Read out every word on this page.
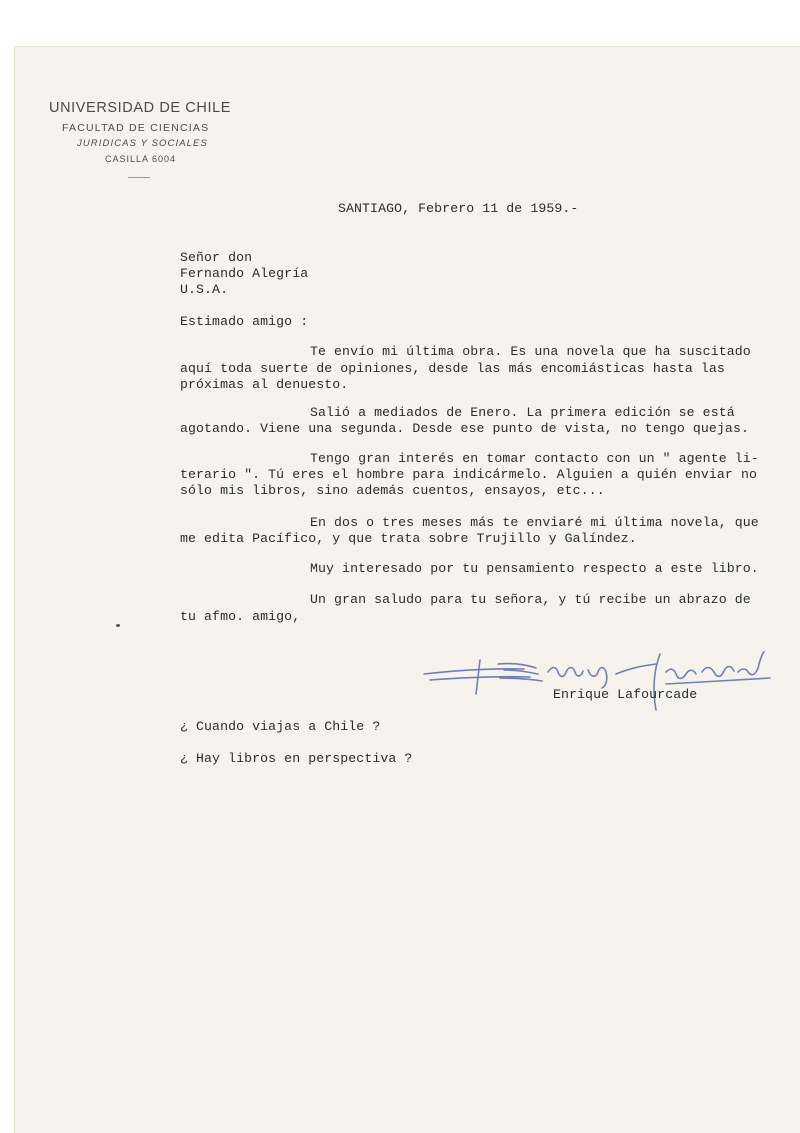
UNIVERSIDAD DE CHILE
FACULTAD DE CIENCIAS
JURIDICAS Y SOCIALES
CASILLA 6004
SANTIAGO, Febrero 11 de 1959.-
Señor don
Fernando Alegría
U.S.A.
Estimado amigo :
Te envío mi última obra. Es una novela que ha suscitado
aquí toda suerte de opiniones, desde las más encomiásticas hasta las
próximas al denuesto.
Salió a mediados de Enero. La primera edición se está
agotando. Viene una segunda. Desde ese punto de vista, no tengo quejas.
Tengo gran interés en tomar contacto con un " agente li-
terario ". Tú eres el hombre para indicármelo. Alguien a quién enviar no
sólo mis libros, sino además cuentos, ensayos, etc...
En dos o tres meses más te enviaré mi última novela, que
me edita Pacífico, y que trata sobre Trujillo y Galíndez.
Muy interesado por tu pensamiento respecto a este libro.
Un gran saludo para tu señora, y tú recibe un abrazo de
tu afmo. amigo,
Enrique Lafourcade
¿ Cuando viajas a Chile ?
¿ Hay libros en perspectiva ?
